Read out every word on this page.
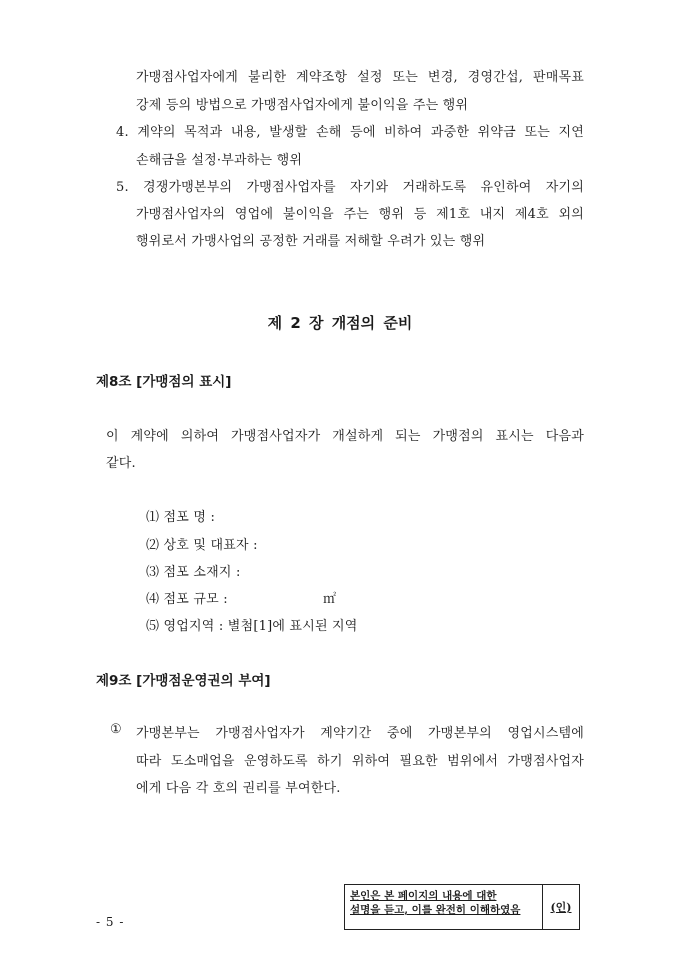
가맹점사업자에게 불리한 계약조항 설정 또는 변경, 경영간섭, 판매목표
강제 등의 방법으로 가맹점사업자에게 불이익을 주는 행위
4. 계약의 목적과 내용, 발생할 손해 등에 비하여 과중한 위약금 또는 지연
손해금을 설정·부과하는 행위
5. 경쟁가맹본부의 가맹점사업자를 자기와 거래하도록 유인하여 자기의
가맹점사업자의 영업에 불이익을 주는 행위 등 제1호 내지 제4호 외의
행위로서 가맹사업의 공정한 거래를 저해할 우려가 있는 행위
제 2 장 개점의 준비
제8조 [가맹점의 표시]
이 계약에 의하여 가맹점사업자가 개설하게 되는 가맹점의 표시는 다음과
같다.
⑴ 점포 명 :
⑵ 상호 및 대표자 :
⑶ 점포 소재지 :
⑷ 점포 규모 :	㎡
⑸ 영업지역 : 별첨[1]에 표시된 지역
제9조 [가맹점운영권의 부여]
① 가맹본부는 가맹점사업자가 계약기간 중에 가맹본부의 영업시스템에
따라 도소매업을 운영하도록 하기 위하여 필요한 범위에서 가맹점사업자
에게 다음 각 호의 권리를 부여한다.
- 5 -
본인은 본 페이지의 내용에 대한
설명을 듣고, 이를 완전히 이해하였음	(인)
